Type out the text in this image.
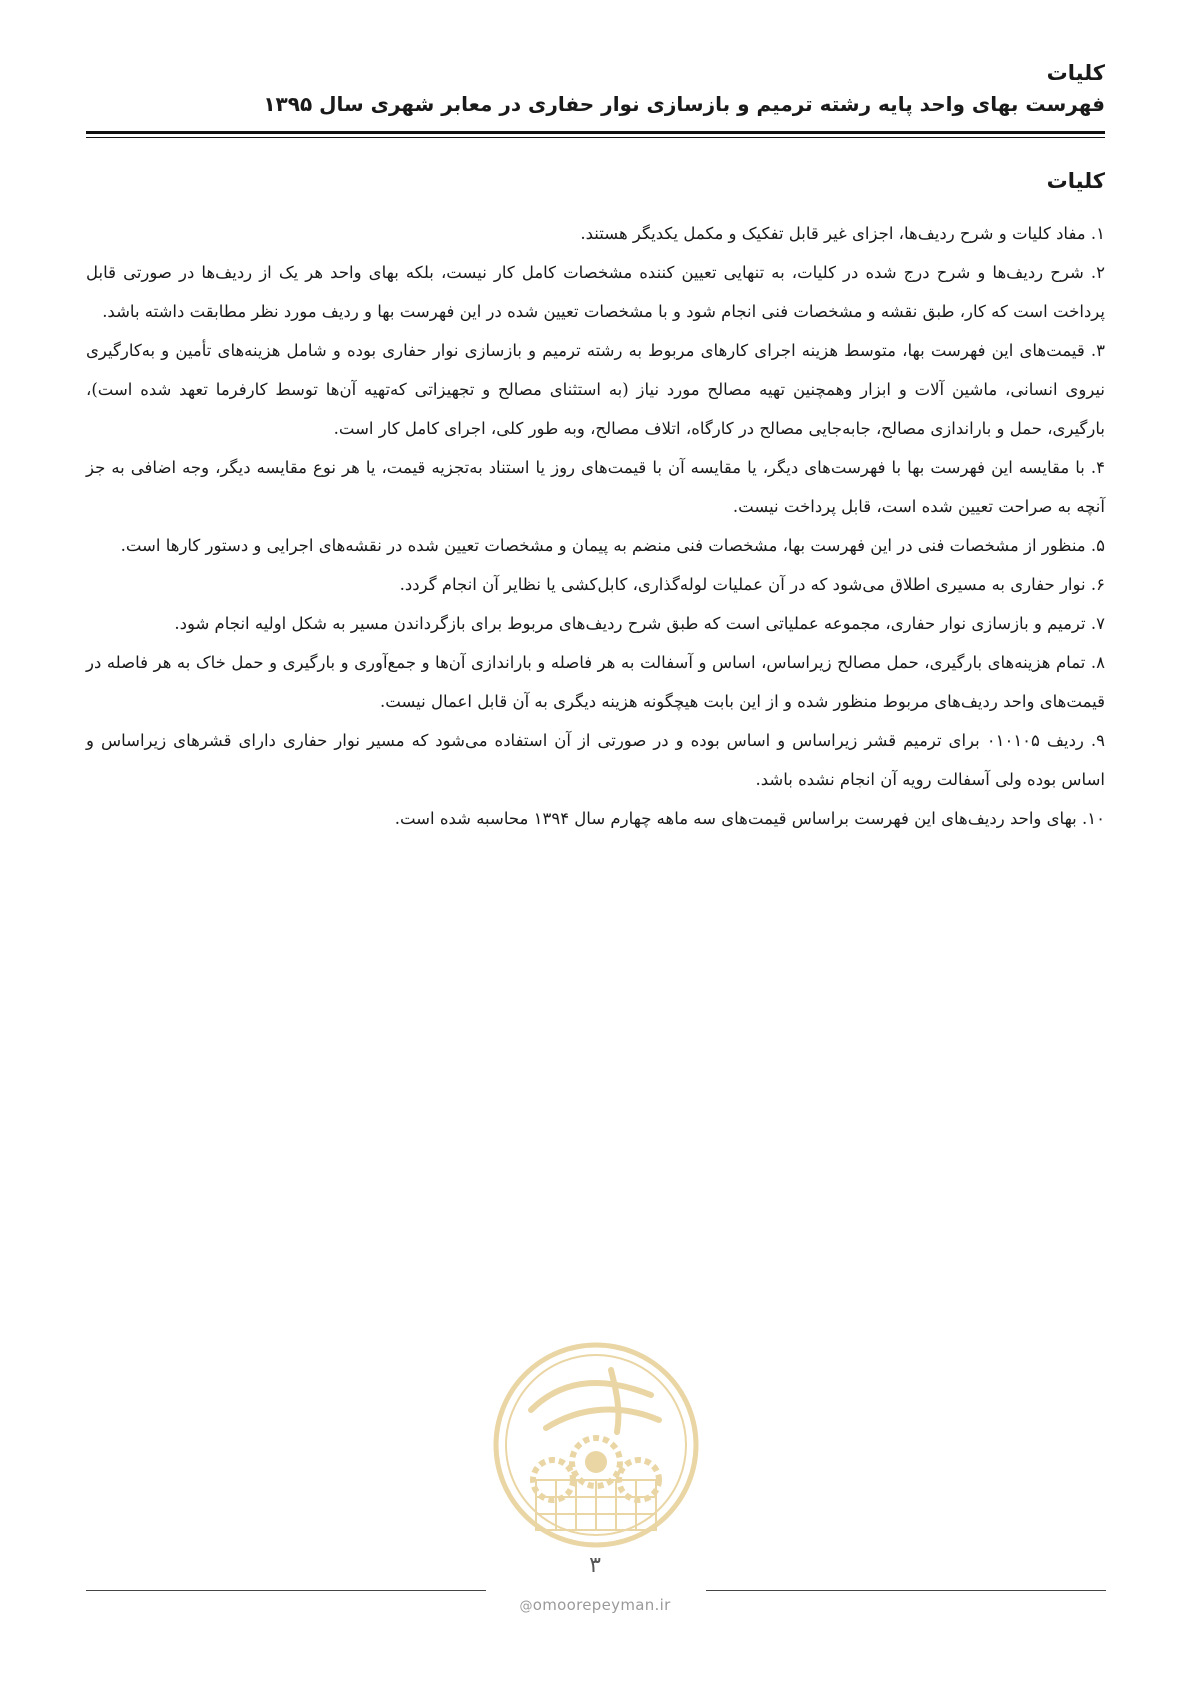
کلیات
فهرست بهای واحد پایه رشته ترمیم و بازسازی نوار حفاری در معابر شهری سال ۱۳۹۵
کلیات
۱. مفاد کلیات و شرح ردیف‌ها، اجزای غیر قابل تفکیک و مکمل یکدیگر هستند.
۲. شرح ردیف‌ها و شرح درج شده در کلیات، به تنهایی تعیین کننده مشخصات کامل کار نیست، بلکه بهای واحد هر یک از ردیف‌ها در صورتی قابل پرداخت است که کار، طبق نقشه و مشخصات فنی انجام شود و با مشخصات تعیین شده در این فهرست بها و ردیف مورد نظر مطابقت داشته باشد.
۳. قیمت‌های این فهرست بها، متوسط هزینه اجرای کارهای مربوط به رشته ترمیم و بازسازی نوار حفاری بوده و شامل هزینه‌های تأمین و به‌کارگیری نیروی انسانی، ماشین آلات و ابزار وهمچنین تهیه مصالح مورد نیاز (به استثنای مصالح و تجهیزاتی که‌تهیه آن‌ها توسط کارفرما تعهد شده است)، بارگیری، حمل و باراندازی مصالح، جابه‌جایی مصالح در کارگاه، اتلاف مصالح، وبه طور کلی، اجرای کامل کار است.
۴. با مقایسه این فهرست بها با فهرست‌های دیگر، یا مقایسه آن با قیمت‌های روز یا استناد به‌تجزیه قیمت، یا هر نوع مقایسه دیگر، وجه اضافی به جز آنچه به صراحت تعیین شده است، قابل پرداخت نیست.
۵. منظور از مشخصات فنی در این فهرست بها، مشخصات فنی منضم به پیمان و مشخصات تعیین شده در نقشه‌های اجرایی و دستور کارها است.
۶. نوار حفاری به مسیری اطلاق می‌شود که در آن عملیات لوله‌گذاری، کابل‌کشی یا نظایر آن انجام گردد.
۷. ترمیم و بازسازی نوار حفاری، مجموعه عملیاتی است که طبق شرح ردیف‌های مربوط برای بازگرداندن مسیر به شکل اولیه انجام شود.
۸. تمام هزینه‌های بارگیری، حمل مصالح زیراساس، اساس و آسفالت به هر فاصله و باراندازی آن‌ها و جمع‌آوری و بارگیری و حمل خاک به هر فاصله در قیمت‌های واحد ردیف‌های مربوط منظور شده و از این بابت هیچگونه هزینه دیگری به آن قابل اعمال نیست.
۹. ردیف ۰۱۰۱۰۵ برای ترمیم قشر زیراساس و اساس بوده و در صورتی از آن استفاده می‌شود که مسیر نوار حفاری دارای قشرهای زیراساس و اساس بوده ولی آسفالت رویه آن انجام نشده باشد.
۱۰. بهای واحد ردیف‌های این فهرست براساس قیمت‌های سه ماهه چهارم سال ۱۳۹۴ محاسبه شده است.
۳
@omoorepeyman.ir
